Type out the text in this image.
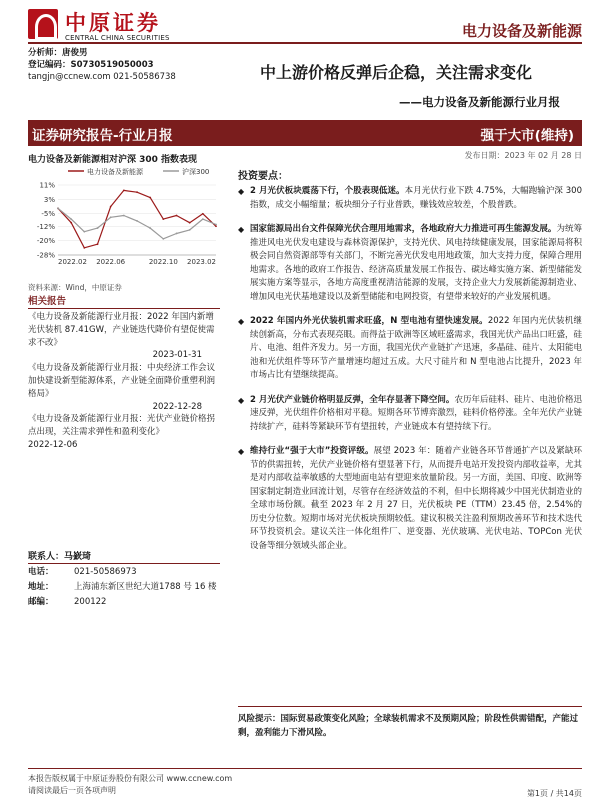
中原证券
CENTRAL CHINA SECURITIES	电力设备及新能源
分析师：唐俊男
登记编码：S0730519050003
tangjn@ccnew.com 021-50586738	中上游价格反弹后企稳，关注需求变化
——电力设备及新能源行业月报
证券研究报告-行业月报	强于大市(维持)
电力设备及新能源相对沪深 300 指数表现	发布日期：2023 年 02 月 28 日
电力设备及新能源	沪深300
11%
3%
-5%
-12%
-20%
-28%
2022.02 2022.06	2022.10 2023.02
资料来源：Wind，中原证券
相关报告
《电力设备及新能源行业月报：2022 年国内新增光伏装机 87.41GW，产业链迭代降价有望促使需求不改》
2023-01-31
《电力设备及新能源行业月报：中央经济工作会议加快建设新型能源体系，产业链全面降价重塑利润格局》
2022-12-28
《电力设备及新能源行业月报：光伏产业链价格拐点出现，关注需求弹性和盈利变化》
2022-12-06
联系人：马嶔琦
电话：	021-50586973
地址：	上海浦东新区世纪大道1788 号 16 楼
邮编：	200122
投资要点：
◆ 2 月光伏板块震荡下行，个股表现低迷。本月光伏行业下跌 4.75%，大幅跑输沪深 300 指数，成交小幅缩量；板块细分子行业普跌，赚钱效应较差，个股普跌。
◆ 国家能源局出台文件保障光伏合理用地需求，各地政府大力推进可再生能源发展。为统筹推进风电光伏发电建设与森林资源保护，支持光伏、风电持续健康发展，国家能源局将积极会同自然资源部等有关部门，不断完善光伏发电用地政策，加大支持力度，保障合理用地需求。各地的政府工作报告、经济高质量发展工作报告、碳达峰实施方案、新型储能发展实施方案等显示，各地方高度重视清洁能源的发展，支持企业大力发展新能源制造业、增加风电光伏基地建设以及新型储能和电网投资，有望带来较好的产业发展机遇。
◆ 2022 年国内外光伏装机需求旺盛，N 型电池有望快速发展。2022 年国内光伏装机继续创新高，分布式表现亮眼。而得益于欧洲等区域旺盛需求，我国光伏产品出口旺盛，硅片、电池、组件齐发力。另一方面，我国光伏产业链扩产迅速，多晶硅、硅片、太阳能电池和光伏组件等环节产量增速均超过五成。大尺寸硅片和 N 型电池占比提升，2023 年市场占比有望继续提高。
◆ 2 月光伏产业链价格明显反弹，全年存显著下降空间。农历年后硅料、硅片、电池价格迅速反弹，光伏组件价格相对平稳。短期各环节博弈激烈，硅料价格停涨。全年光伏产业链持续扩产，硅料等紧缺环节有望扭转，产业链成本有望持续下行。
◆ 维持行业“强于大市”投资评级。展望 2023 年：随着产业链各环节普通扩产以及紧缺环节的供需扭转，光伏产业链价格有望显著下行，从而提升电站开发投资内部收益率，尤其是对内部收益率敏感的大型地面电站有望迎来放量阶段。另一方面，美国、印度、欧洲等国家制定制造业回流计划，尽管存在经济效益的不利，但中长期将减少中国光伏制造业的全球市场份额。截至 2023 年 2 月 27 日，光伏板块 PE（TTM）23.45 倍，2.54%的历史分位数。短期市场对光伏板块预期较低。建议积极关注盈利预期改善环节和技术迭代环节投资机会。建议关注一体化组件厂、逆变器、光伏玻璃、光伏电站、TOPCon 光伏设备等细分领域头部企业。
风险提示：国际贸易政策变化风险；全球装机需求不及预期风险；阶段性供需错配，产能过剩，盈利能力下滑风险。
本报告版权属于中原证券股份有限公司 www.ccnew.com
请阅读最后一页各项声明	第1页 / 共14页
